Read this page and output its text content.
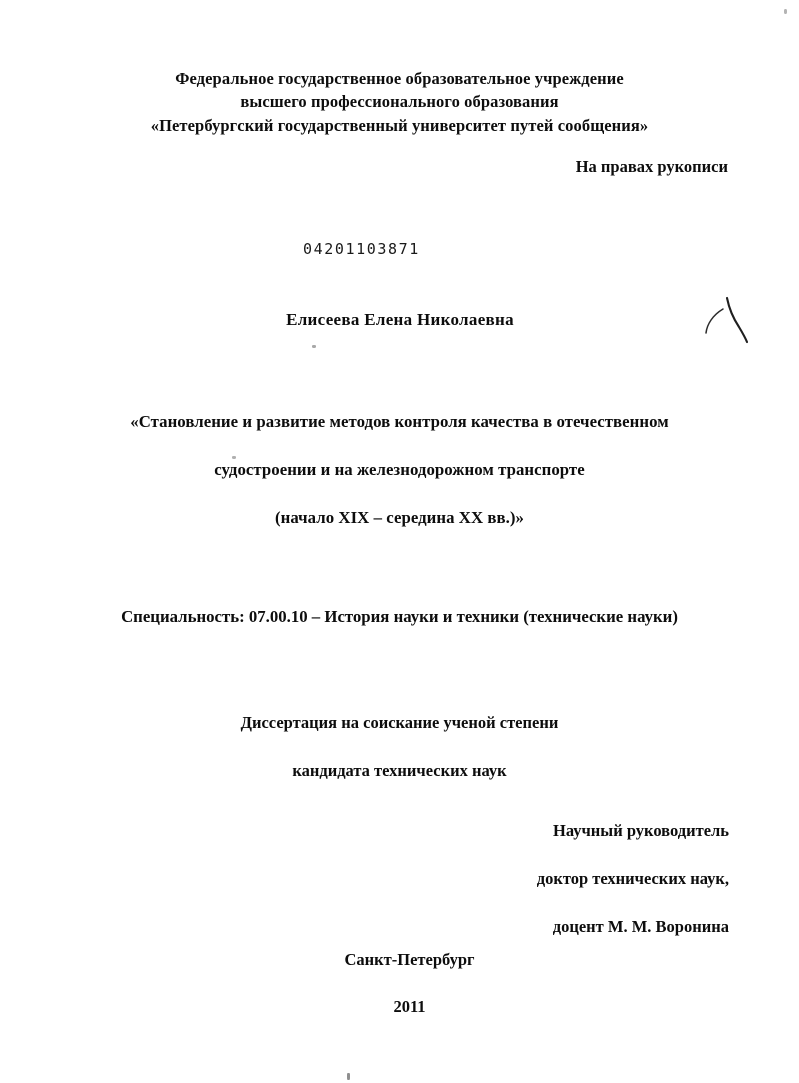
Федеральное государственное образовательное учреждение
высшего профессионального образования
«Петербургский государственный университет путей сообщения»
На правах рукописи
04201103871
Елисеева Елена Николаевна

«Становление и развитие методов контроля качества в отечественном

судостроении и на железнодорожном транспорте

(начало XIX – середина XX вв.)»

Специальность: 07.00.10 – История науки и техники (технические науки)

Диссертация на соискание ученой степени

кандидата технических наук

Научный руководитель

доктор технических наук,

доцент М. М. Воронина

Санкт-Петербург

2011
